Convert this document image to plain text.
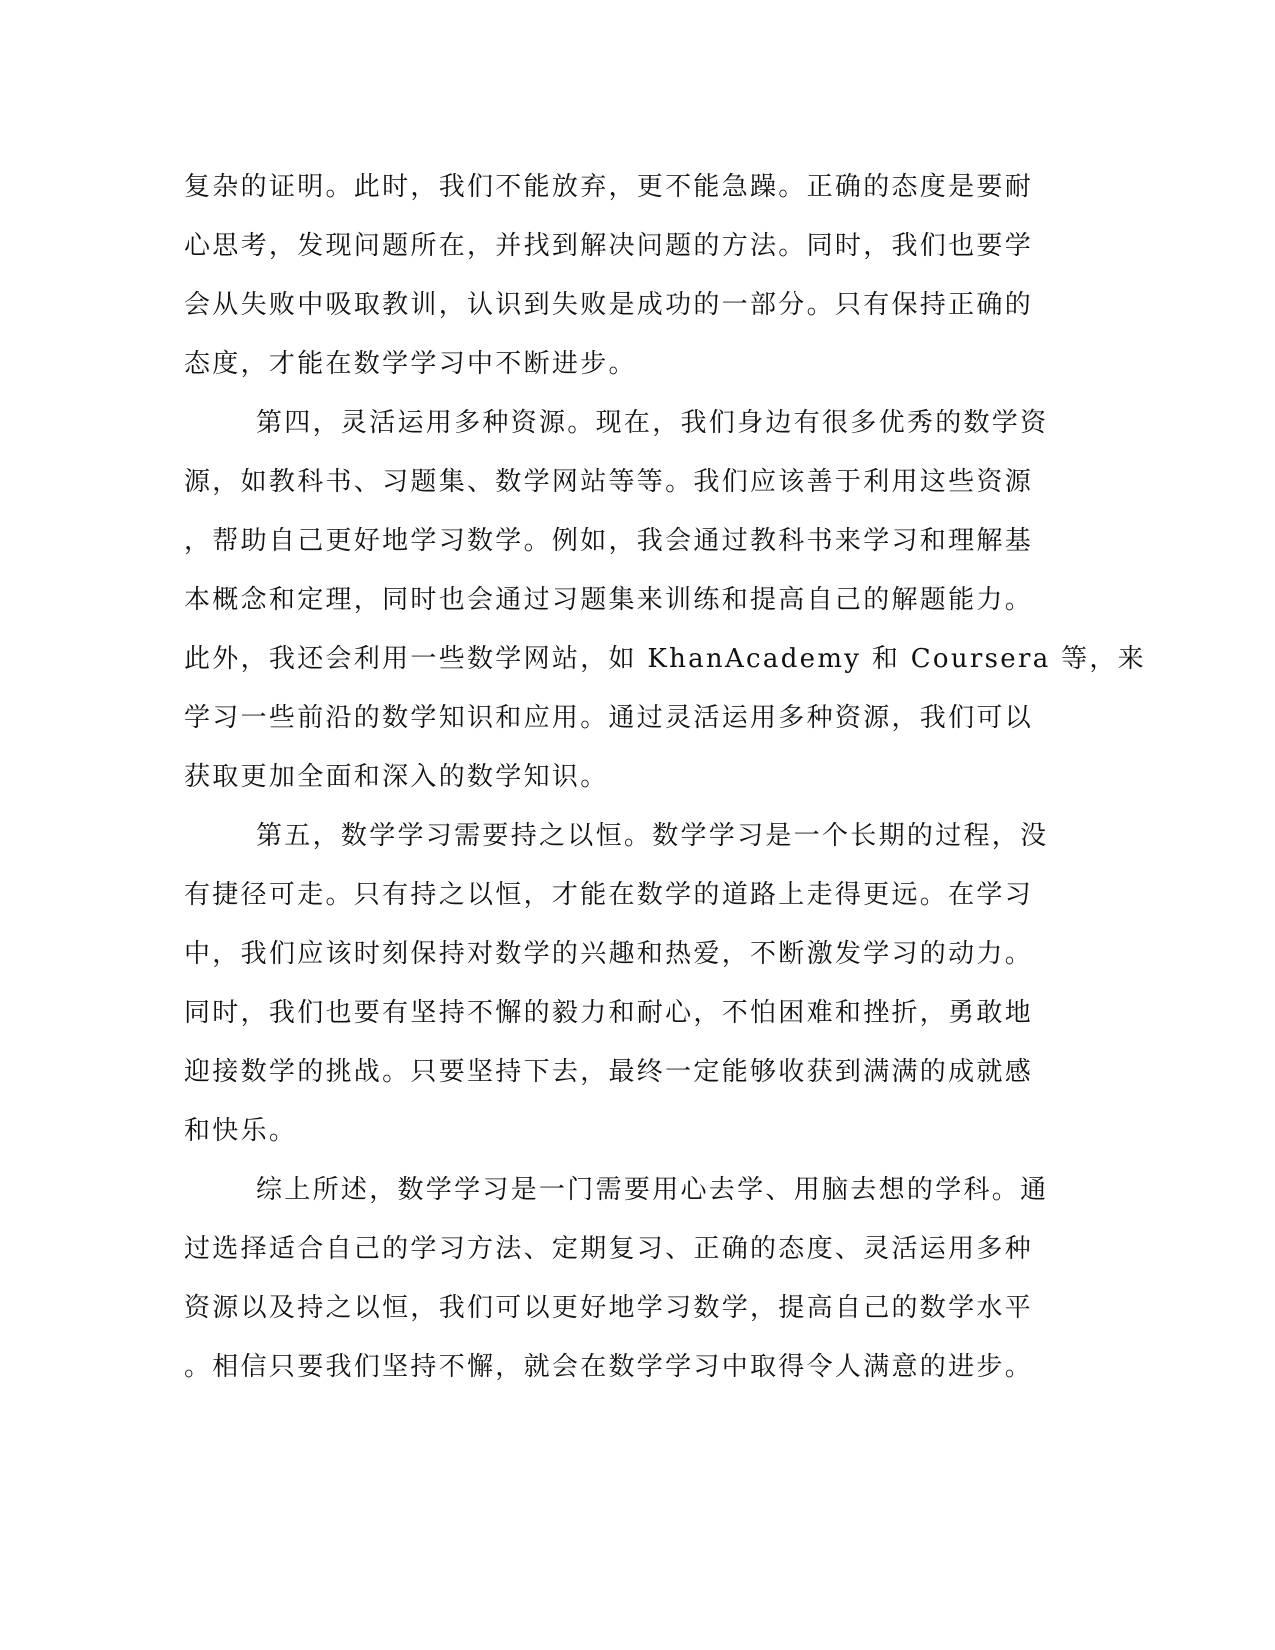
复杂的证明。此时，我们不能放弃，更不能急躁。正确的态度是要耐
心思考，发现问题所在，并找到解决问题的方法。同时，我们也要学
会从失败中吸取教训，认识到失败是成功的一部分。只有保持正确的
态度，才能在数学学习中不断进步。
第四，灵活运用多种资源。现在，我们身边有很多优秀的数学资
源，如教科书、习题集、数学网站等等。我们应该善于利用这些资源
，帮助自己更好地学习数学。例如，我会通过教科书来学习和理解基
本概念和定理，同时也会通过习题集来训练和提高自己的解题能力。
此外，我还会利用一些数学网站，如 KhanAcademy 和 Coursera 等，来
学习一些前沿的数学知识和应用。通过灵活运用多种资源，我们可以
获取更加全面和深入的数学知识。
第五，数学学习需要持之以恒。数学学习是一个长期的过程，没
有捷径可走。只有持之以恒，才能在数学的道路上走得更远。在学习
中，我们应该时刻保持对数学的兴趣和热爱，不断激发学习的动力。
同时，我们也要有坚持不懈的毅力和耐心，不怕困难和挫折，勇敢地
迎接数学的挑战。只要坚持下去，最终一定能够收获到满满的成就感
和快乐。
综上所述，数学学习是一门需要用心去学、用脑去想的学科。通
过选择适合自己的学习方法、定期复习、正确的态度、灵活运用多种
资源以及持之以恒，我们可以更好地学习数学，提高自己的数学水平
。相信只要我们坚持不懈，就会在数学学习中取得令人满意的进步。
